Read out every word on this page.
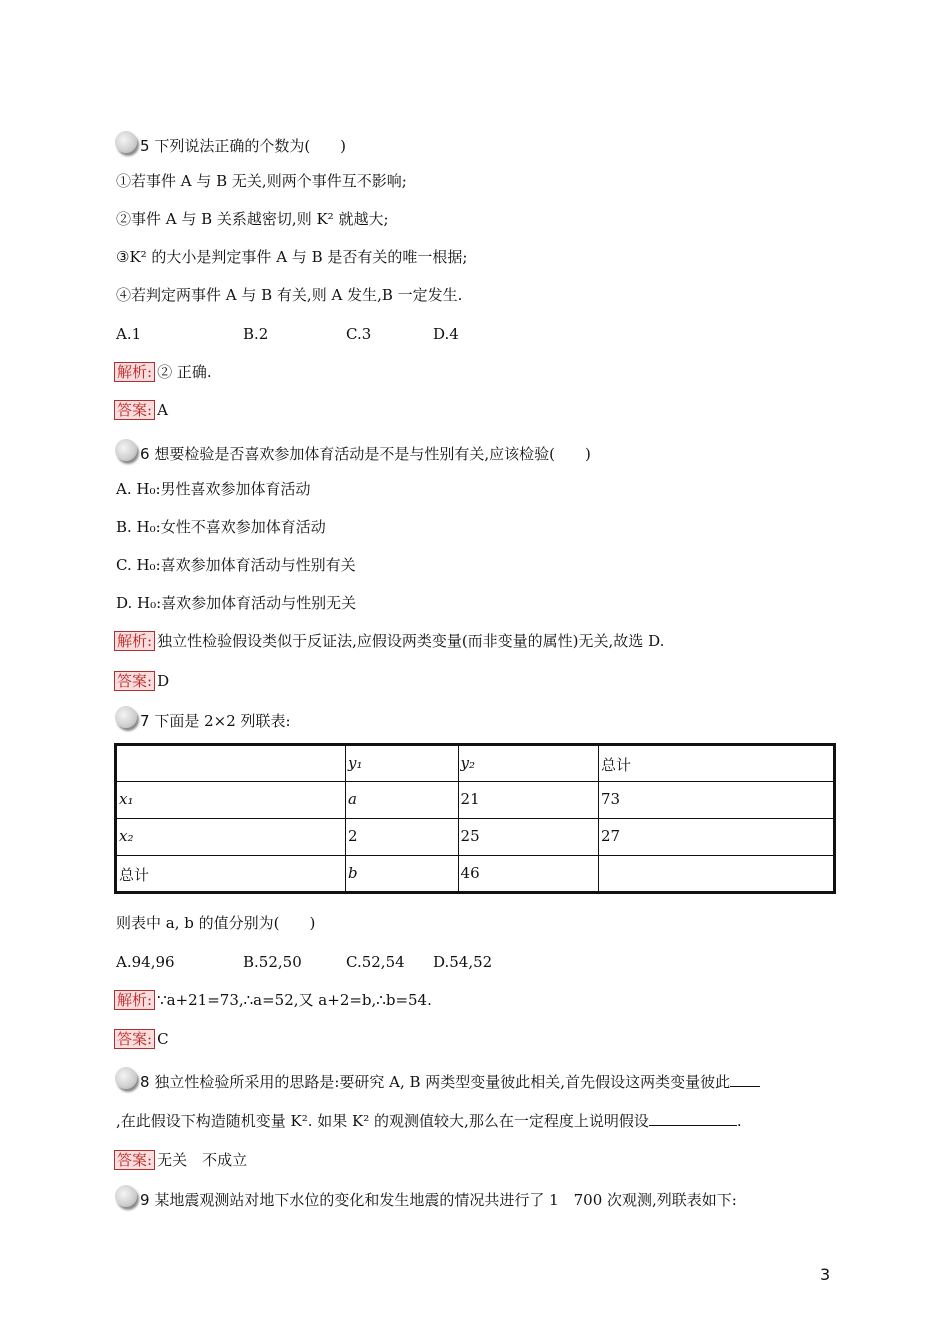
5 下列说法正确的个数为(　　)
①若事件 A 与 B 无关,则两个事件互不影响;
②事件 A 与 B 关系越密切,则 K² 就越大;
③K² 的大小是判定事件 A 与 B 是否有关的唯一根据;
④若判定两事件 A 与 B 有关,则 A 发生,B 一定发生.
A.1	B.2	C.3	D.4
解析: ② 正确.
答案: A
6 想要检验是否喜欢参加体育活动是不是与性别有关,应该检验(　　)
A. H₀:男性喜欢参加体育活动
B. H₀:女性不喜欢参加体育活动
C. H₀:喜欢参加体育活动与性别有关
D. H₀:喜欢参加体育活动与性别无关
解析: 独立性检验假设类似于反证法,应假设两类变量(而非变量的属性)无关,故选 D.
答案: D
7 下面是 2×2 列联表:
	y₁	y₂	总计
x₁	a	21	73
x₂	2	25	27
总计	b	46	
则表中 a, b 的值分别为(　　)
A.94,96	B.52,50	C.52,54 D.54,52
解析: ∵a+21=73,∴a=52,又 a+2=b,∴b=54.
答案: C
8 独立性检验所采用的思路是:要研究 A, B 两类型变量彼此相关,首先假设这两类变量彼此
,在此假设下构造随机变量 K². 如果 K² 的观测值较大,那么在一定程度上说明假设	.
答案: 无关　不成立
9 某地震观测站对地下水位的变化和发生地震的情况共进行了 1　700 次观测,列联表如下:
3
